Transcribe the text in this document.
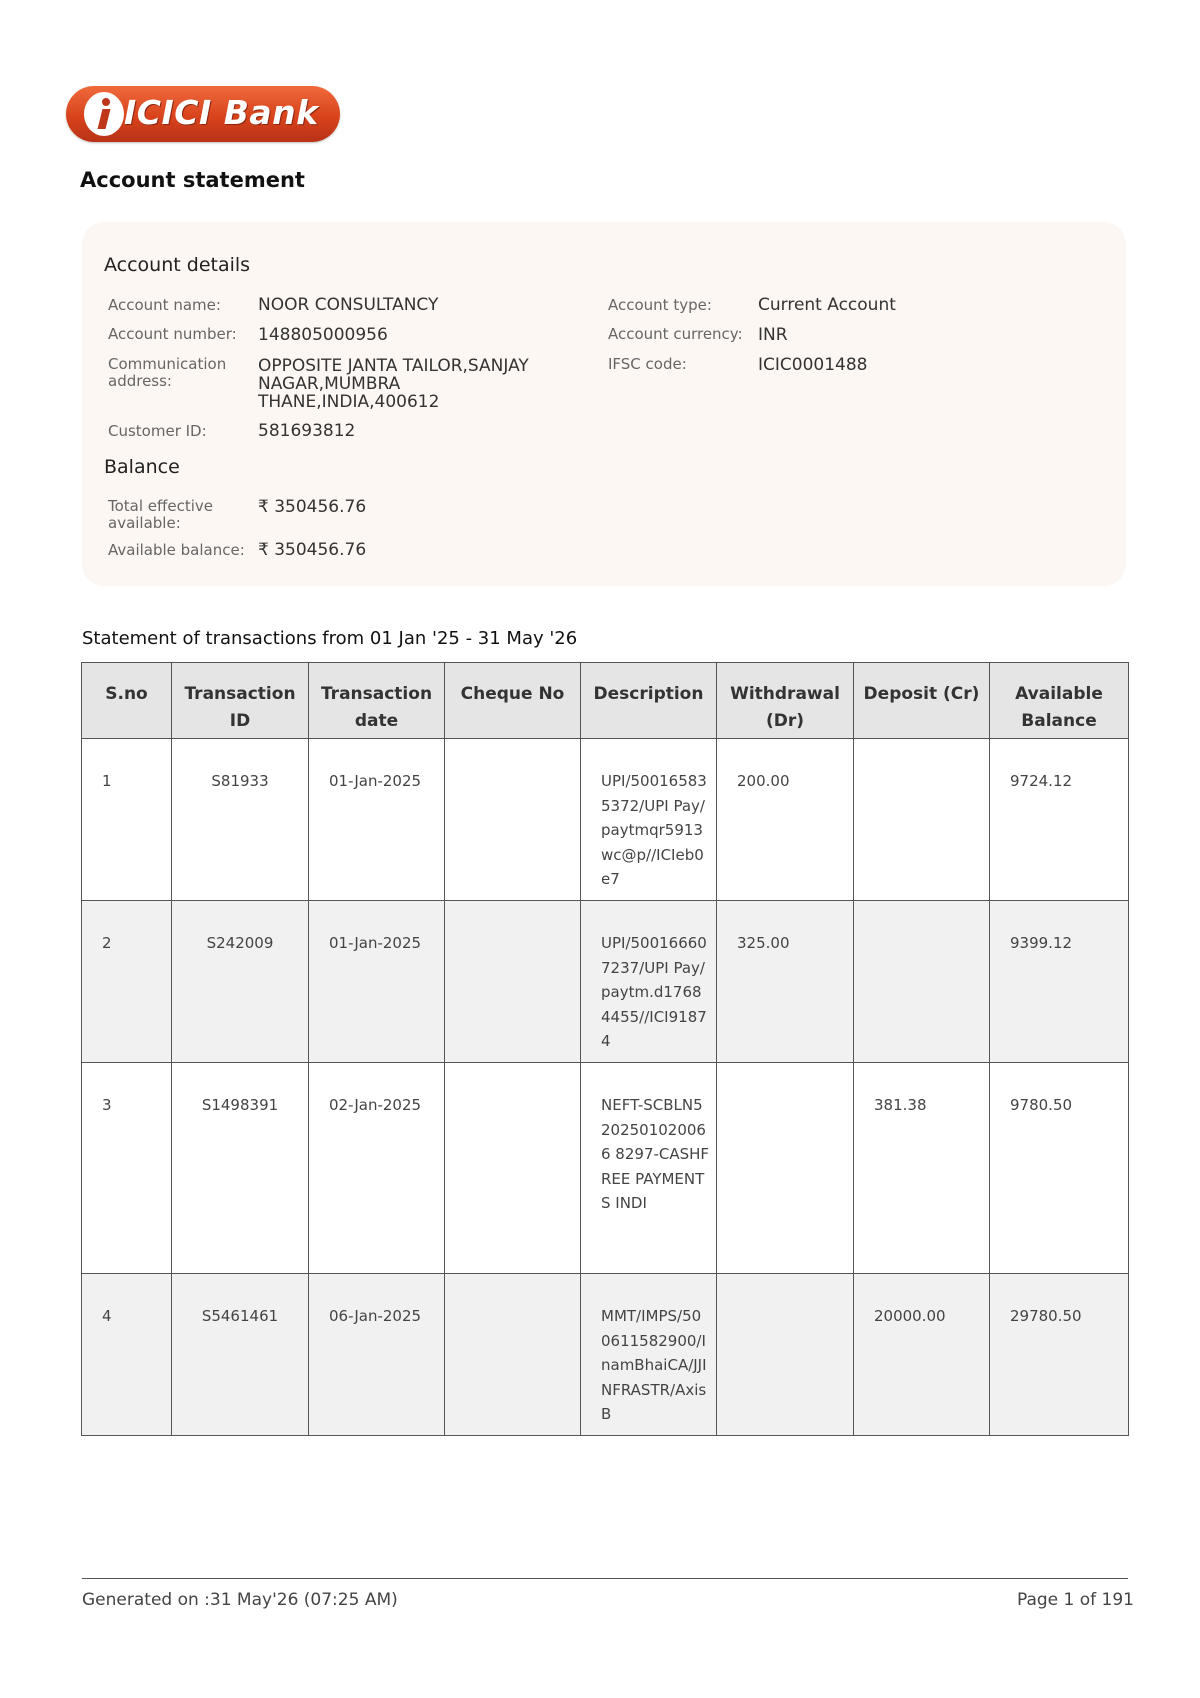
ICICI Bank
Account statement
Account details
Account name: NOOR CONSULTANCY
Account number: 148805000956
Communication address:
OPPOSITE JANTA TAILOR,SANJAY NAGAR,MUMBRA THANE,INDIA,400612
Customer ID:	581693812
Account type:	Current Account
Account currency: INR
IFSC code:	ICIC0001488
Balance
Total effective available:
₹ 350456.76
Available balance: ₹ 350456.76
Statement of transactions from 01 Jan '25 - 31 May '26
S.no	Transaction ID	Transaction date	Cheque No	Description	Withdrawal (Dr)	Deposit (Cr)	Available Balance
1	S81933	01-Jan-2025		UPI/500165835372/UPI Pay/paytmqr5913wc@p//ICIeb0e7	200.00		9724.12
2	S242009	01-Jan-2025		UPI/500166607237/UPI Pay/paytm.d17684455//ICI91874	325.00		9399.12
3	S1498391	02-Jan-2025		NEFT-SCBLN5202501020066 8297-CASHFREE PAYMENTS INDI		381.38	9780.50
4	S5461461	06-Jan-2025		MMT/IMPS/500611582900/InamBhaiCA/JJINFRASTR/Axis B		20000.00	29780.50
Generated on :31 May'26 (07:25 AM)	Page 1 of 191
